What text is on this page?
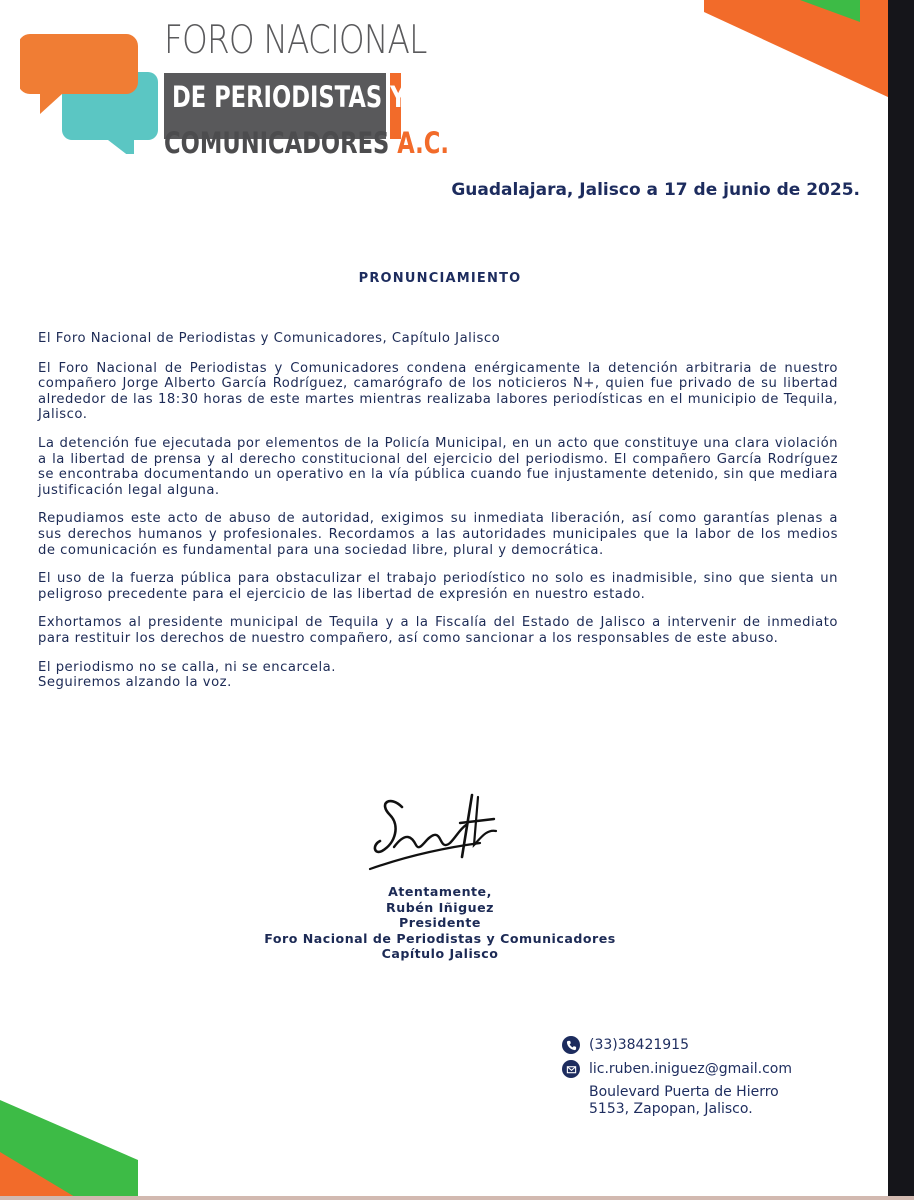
FORO NACIONAL
DE PERIODISTAS Y
COMUNICADORES A.C.
Guadalajara, Jalisco a 17 de junio de 2025.
PRONUNCIAMIENTO

El Foro Nacional de Periodistas y Comunicadores, Capítulo Jalisco

El Foro Nacional de Periodistas y Comunicadores condena enérgicamente la detención arbitraria de nuestro compañero Jorge Alberto García Rodríguez, camarógrafo de los noticieros N+, quien fue privado de su libertad alrededor de las 18:30 horas de este martes mientras realizaba labores periodísticas en el municipio de Tequila, Jalisco.

La detención fue ejecutada por elementos de la Policía Municipal, en un acto que constituye una clara violación a la libertad de prensa y al derecho constitucional del ejercicio del periodismo. El compañero García Rodríguez se encontraba documentando un operativo en la vía pública cuando fue injustamente detenido, sin que mediara justificación legal alguna.

Repudiamos este acto de abuso de autoridad, exigimos su inmediata liberación, así como garantías plenas a sus derechos humanos y profesionales. Recordamos a las autoridades municipales que la labor de los medios de comunicación es fundamental para una sociedad libre, plural y democrática.

El uso de la fuerza pública para obstaculizar el trabajo periodístico no solo es inadmisible, sino que sienta un peligroso precedente para el ejercicio de las libertad de expresión en nuestro estado.

Exhortamos al presidente municipal de Tequila y a la Fiscalía del Estado de Jalisco a intervenir de inmediato para restituir los derechos de nuestro compañero, así como sancionar a los responsables de este abuso.

El periodismo no se calla, ni se encarcela.
Seguiremos alzando la voz.

Atentamente,
Rubén Iñiguez
Presidente
Foro Nacional de Periodistas y Comunicadores
Capítulo Jalisco
(33)38421915
lic.ruben.iniguez@gmail.com
Boulevard Puerta de Hierro
5153, Zapopan, Jalisco.
